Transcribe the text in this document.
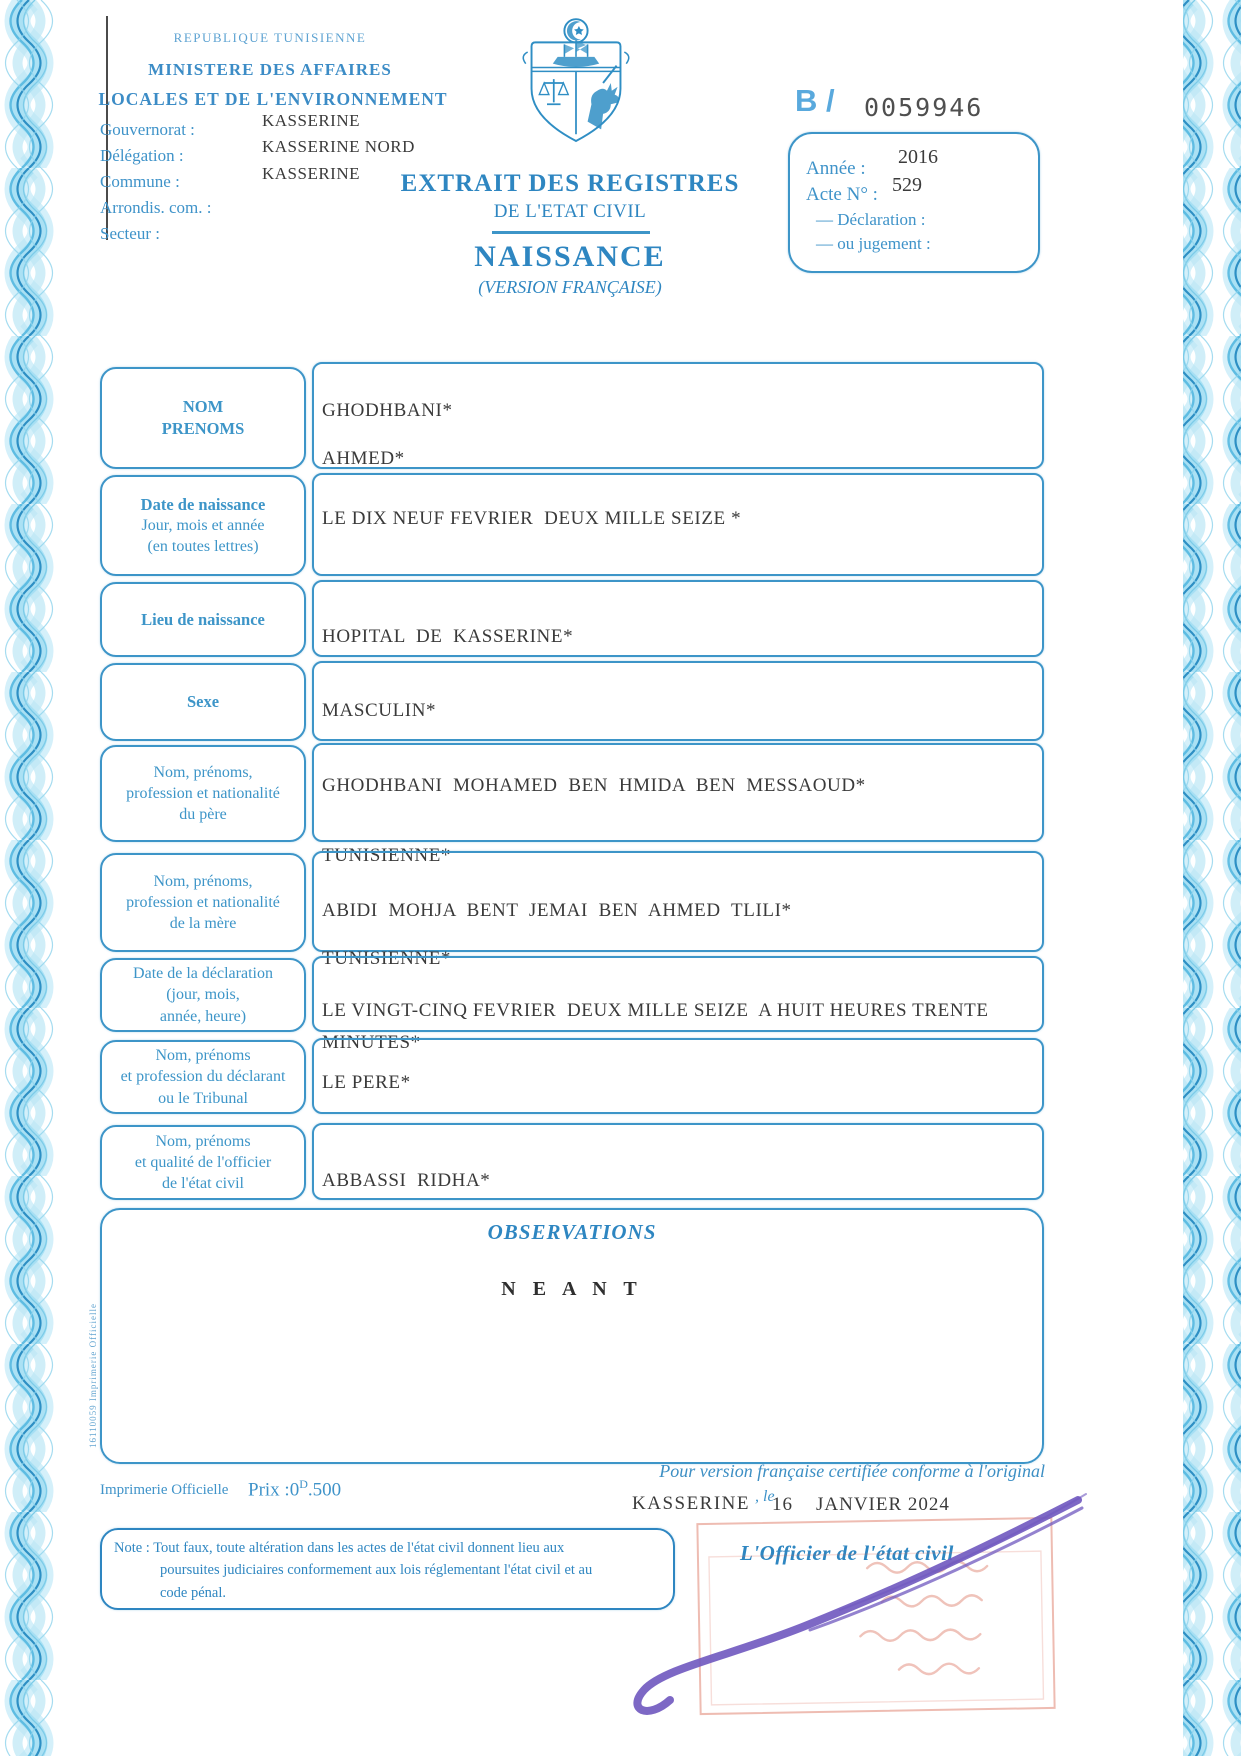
REPUBLIQUE TUNISIENNE
MINISTERE DES AFFAIRES
LOCALES ET DE L'ENVIRONNEMENT
Gouvernorat :	KASSERINE
Délégation :	KASSERINE NORD
Commune :	KASSERINE
Arrondis. com. :
Secteur :
EXTRAIT DES REGISTRES
DE L'ETAT CIVIL
NAISSANCE
(VERSION FRANÇAISE)
B / 0059946
Année :
2016
Acte N° : 529
— Déclaration :
— ou jugement :
NOM
PRENOMS
GHODHBANI*
AHMED*
Date de naissance
Jour, mois et année
(en toutes lettres)
LE DIX NEUF FEVRIER  DEUX MILLE SEIZE *
Lieu de naissance
HOPITAL  DE  KASSERINE*
Sexe	MASCULIN*
Nom, prénoms,
profession et nationalité
du père
GHODHBANI  MOHAMED  BEN  HMIDA  BEN  MESSAOUD*
TUNISIENNE*
Nom, prénoms,
profession et nationalité
de la mère
ABIDI  MOHJA  BENT  JEMAI  BEN  AHMED  TLILI*
TUNISIENNE*
Date de la déclaration
(jour, mois,
année, heure)	LE VINGT-CINQ FEVRIER  DEUX MILLE SEIZE  A HUIT HEURES TRENTE
MINUTES*
Nom, prénoms
et profession du déclarant
ou le Tribunal
LE PERE*
Nom, prénoms
et qualité de l'officier
de l'état civil	ABBASSI  RIDHA*
OBSERVATIONS
N E A N T
16110059 Imprimerie Officielle
Imprimerie Officielle Prix $:0^D.500$
Pour version française certifiée conforme à l'original
KASSERINE , le
16    JANVIER 2024
Note : Tout faux, toute altération dans les actes de l'état civil donnent lieu aux
poursuites judiciaires conformement aux lois réglementant l'état civil et au
code pénal.
L'Officier de l'état civil
